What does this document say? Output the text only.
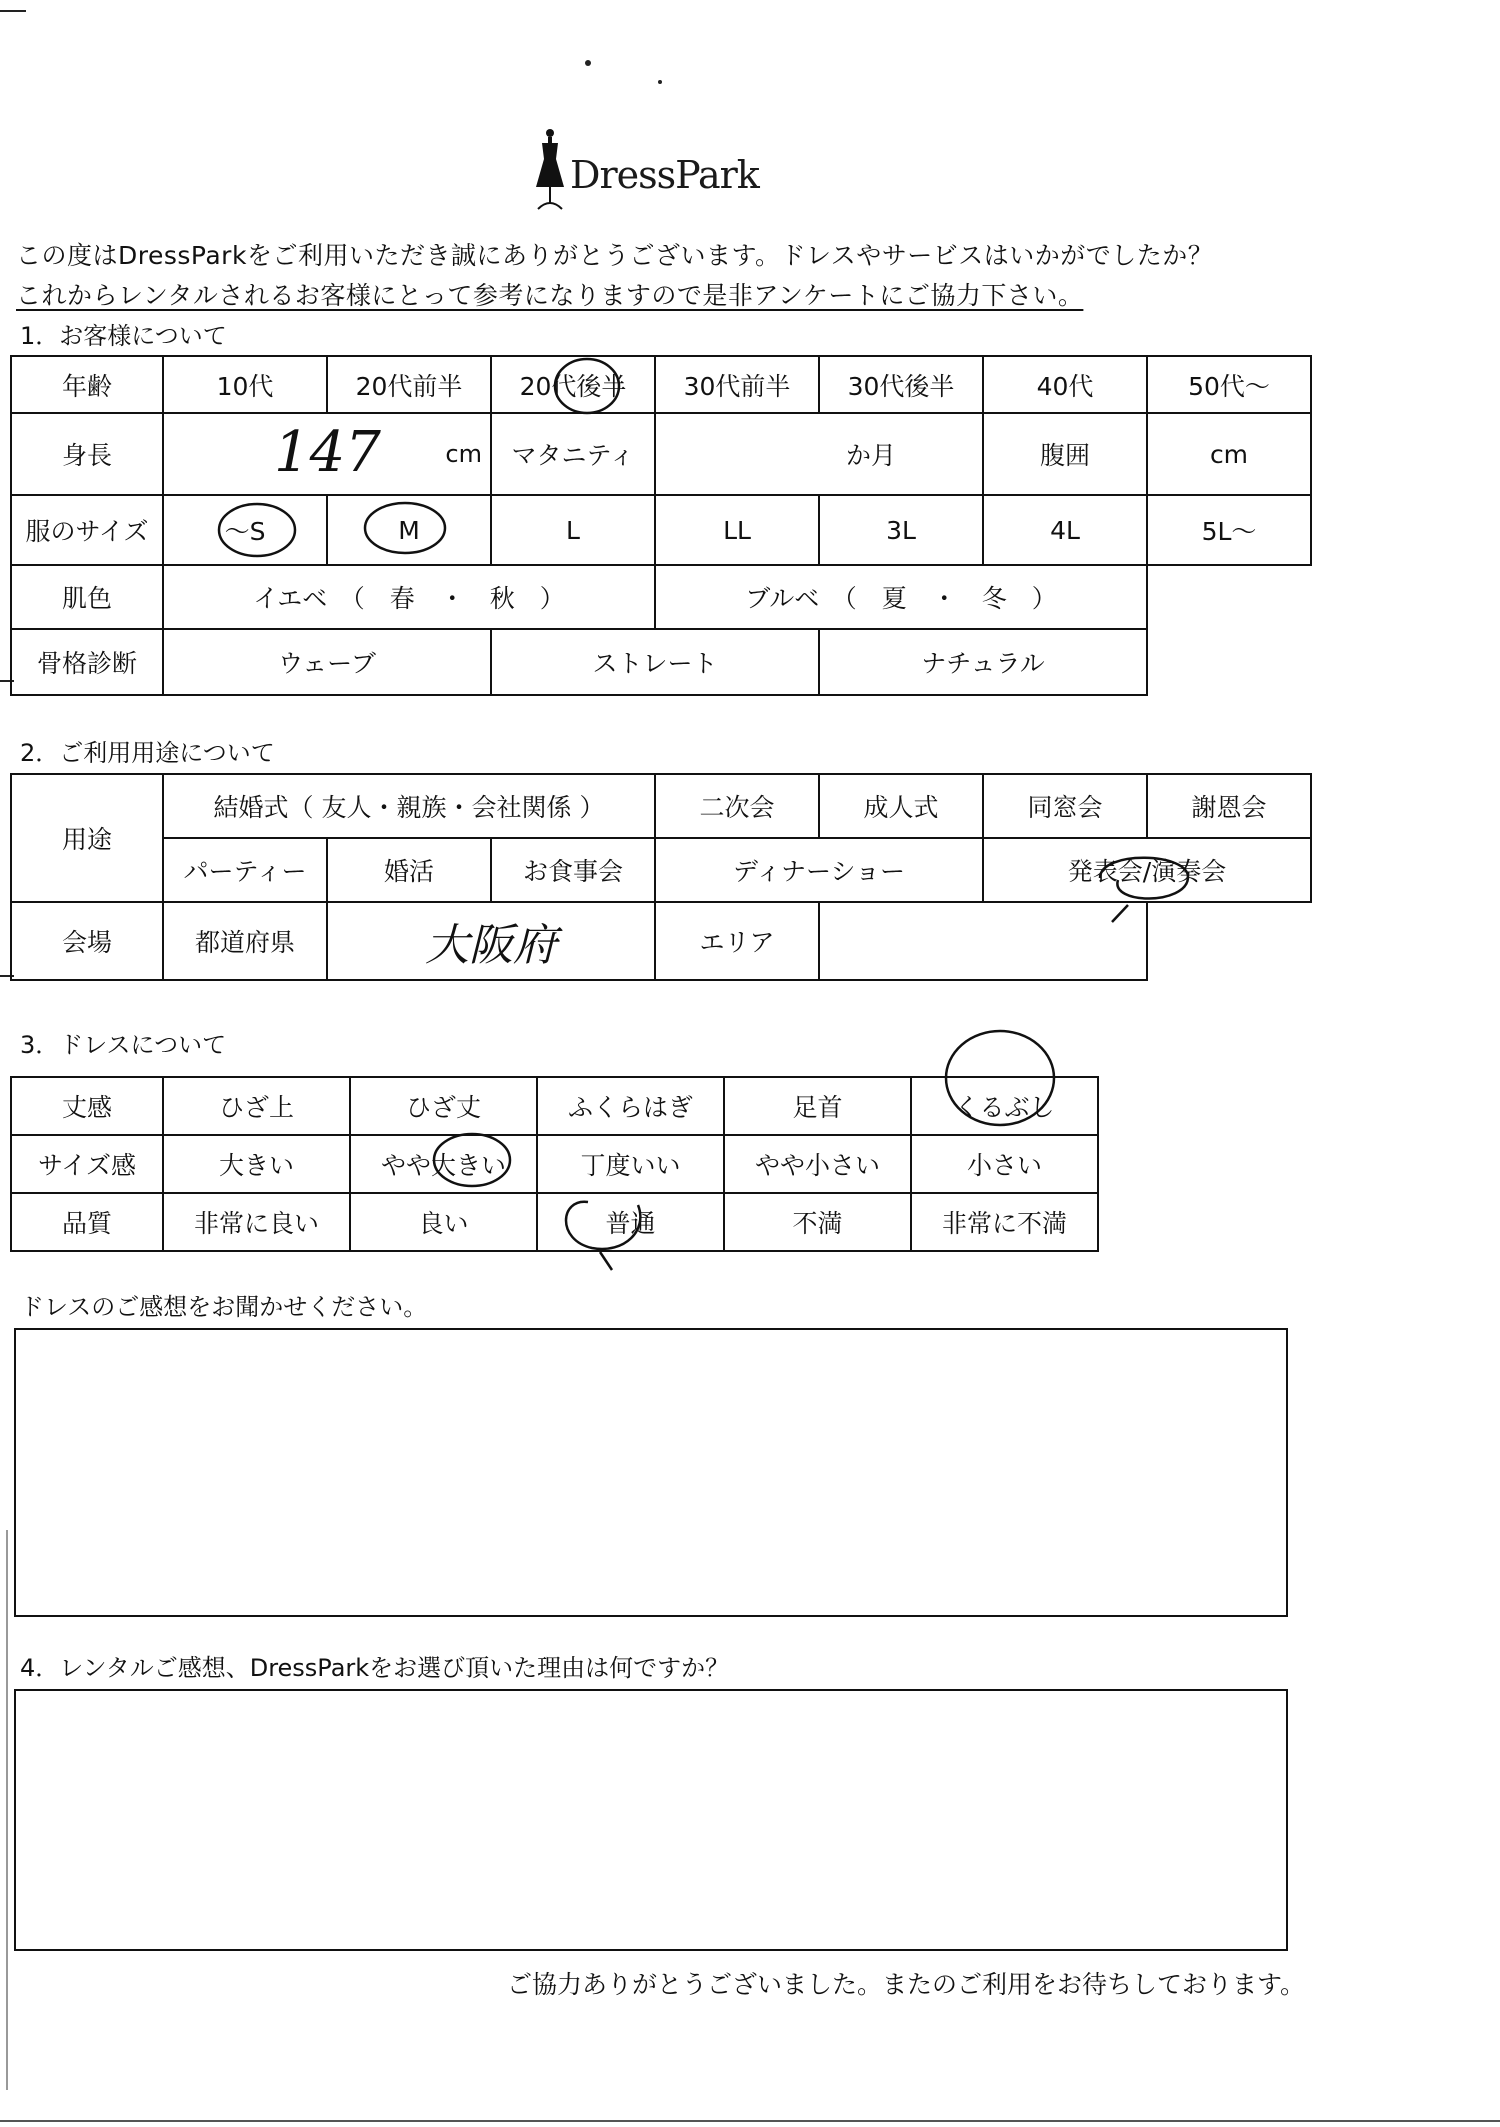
DressPark
この度はDressParkをご利用いただき誠にありがとうございます。ドレスやサービスはいかがでしたか？
これからレンタルされるお客様にとって参考になりますので是非アンケートにご協力下さい。
1．お客様について
年齢	10代	20代前半	20代後半	30代前半	30代後半	40代	50代〜
身長	147 cm		マタニティ	か月		腹囲	cm
服のサイズ	〜S	M	L	LL	3L	4L	5L〜
肌色	イエベ　（　春　・　秋　）			ブルベ　（　夏　・　冬　）			
骨格診断	ウェーブ		ストレート		ナチュラル		
2．ご利用用途について
用途	結婚式（ 友人・親族・会社関係 ）			二次会	成人式	同窓会	謝恩会
	パーティー	婚活	お食事会	ディナーショー		発表会/演奏会	
会場	都道府県	大阪府		エリア			
3．ドレスについて
丈感	ひざ上	ひざ丈	ふくらはぎ	足首	くるぶし
サイズ感	大きい	やや大きい	丁度いい	やや小さい	小さい
品質	非常に良い	良い	普通	不満	非常に不満
ドレスのご感想をお聞かせください。
4．レンタルご感想、DressParkをお選び頂いた理由は何ですか？
ご協力ありがとうございました。またのご利用をお待ちしております。
